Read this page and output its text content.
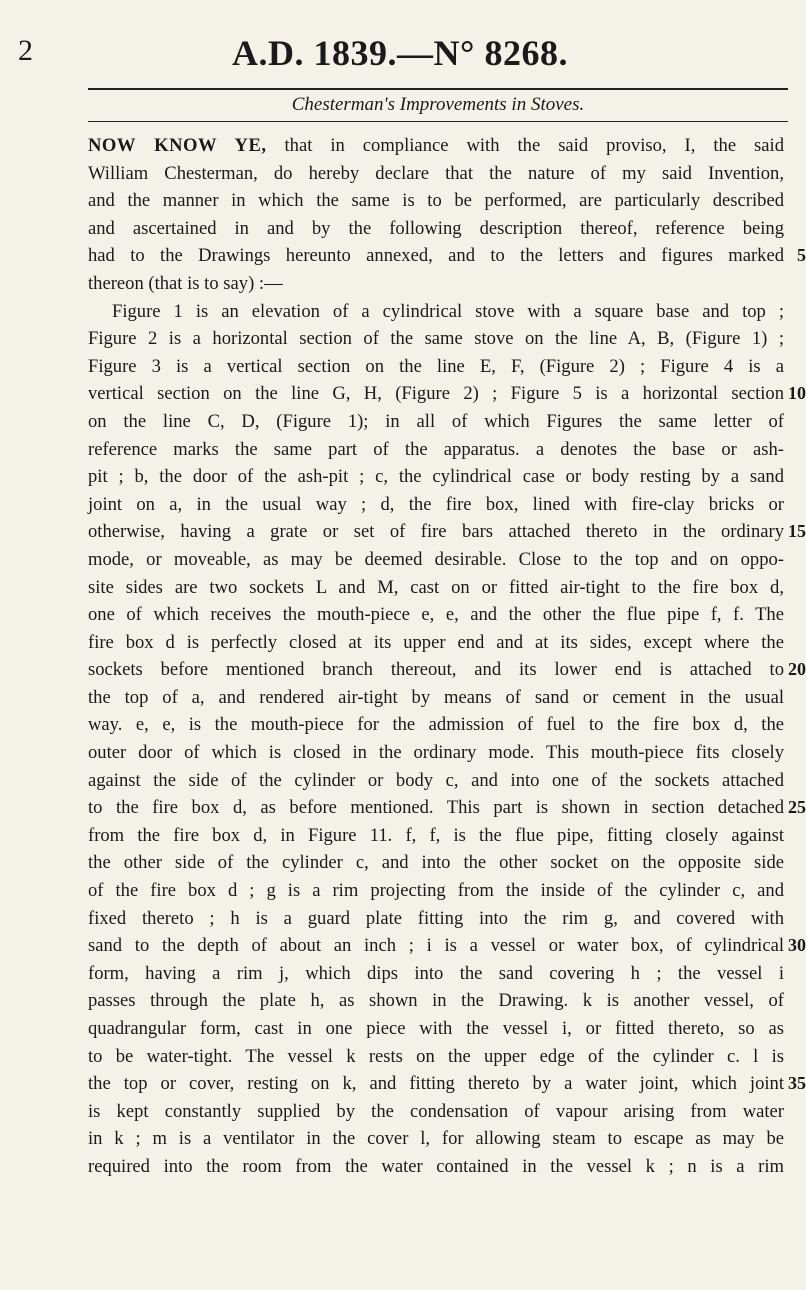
2	A.D. 1839.—N° 8268.
Chesterman's Improvements in Stoves.
NOW KNOW YE, that in compliance with the said proviso, I, the said
William Chesterman, do hereby declare that the nature of my said Invention,
and the manner in which the same is to be performed, are particularly described
and ascertained in and by the following description thereof, reference being
had to the Drawings hereunto annexed, and to the letters and figures marked 5
thereon (that is to say) :—
Figure 1 is an elevation of a cylindrical stove with a square base and top ;
Figure 2 is a horizontal section of the same stove on the line A, B, (Figure 1) ;
Figure 3 is a vertical section on the line E, F, (Figure 2) ; Figure 4 is a
vertical section on the line G, H, (Figure 2) ; Figure 5 is a horizontal section 10
on the line C, D, (Figure 1); in all of which Figures the same letter of
reference marks the same part of the apparatus. a denotes the base or ash-
pit ; b, the door of the ash-pit ; c, the cylindrical case or body resting by a sand
joint on a, in the usual way ; d, the fire box, lined with fire-clay bricks or
otherwise, having a grate or set of fire bars attached thereto in the ordinary 15
mode, or moveable, as may be deemed desirable. Close to the top and on oppo-
site sides are two sockets L and M, cast on or fitted air-tight to the fire box d,
one of which receives the mouth-piece e, e, and the other the flue pipe f, f. The
fire box d is perfectly closed at its upper end and at its sides, except where the
sockets before mentioned branch thereout, and its lower end is attached to 20
the top of a, and rendered air-tight by means of sand or cement in the usual
way. e, e, is the mouth-piece for the admission of fuel to the fire box d, the
outer door of which is closed in the ordinary mode. This mouth-piece fits closely
against the side of the cylinder or body c, and into one of the sockets attached
to the fire box d, as before mentioned. This part is shown in section detached 25
from the fire box d, in Figure 11. f, f, is the flue pipe, fitting closely against
the other side of the cylinder c, and into the other socket on the opposite side
of the fire box d ; g is a rim projecting from the inside of the cylinder c, and
fixed thereto ; h is a guard plate fitting into the rim g, and covered with
sand to the depth of about an inch ; i is a vessel or water box, of cylindrical 30
form, having a rim j, which dips into the sand covering h ; the vessel i
passes through the plate h, as shown in the Drawing. k is another vessel, of
quadrangular form, cast in one piece with the vessel i, or fitted thereto, so as
to be water-tight. The vessel k rests on the upper edge of the cylinder c. l is
the top or cover, resting on k, and fitting thereto by a water joint, which joint 35
is kept constantly supplied by the condensation of vapour arising from water
in k ; m is a ventilator in the cover l, for allowing steam to escape as may be
required into the room from the water contained in the vessel k ; n is a rim
